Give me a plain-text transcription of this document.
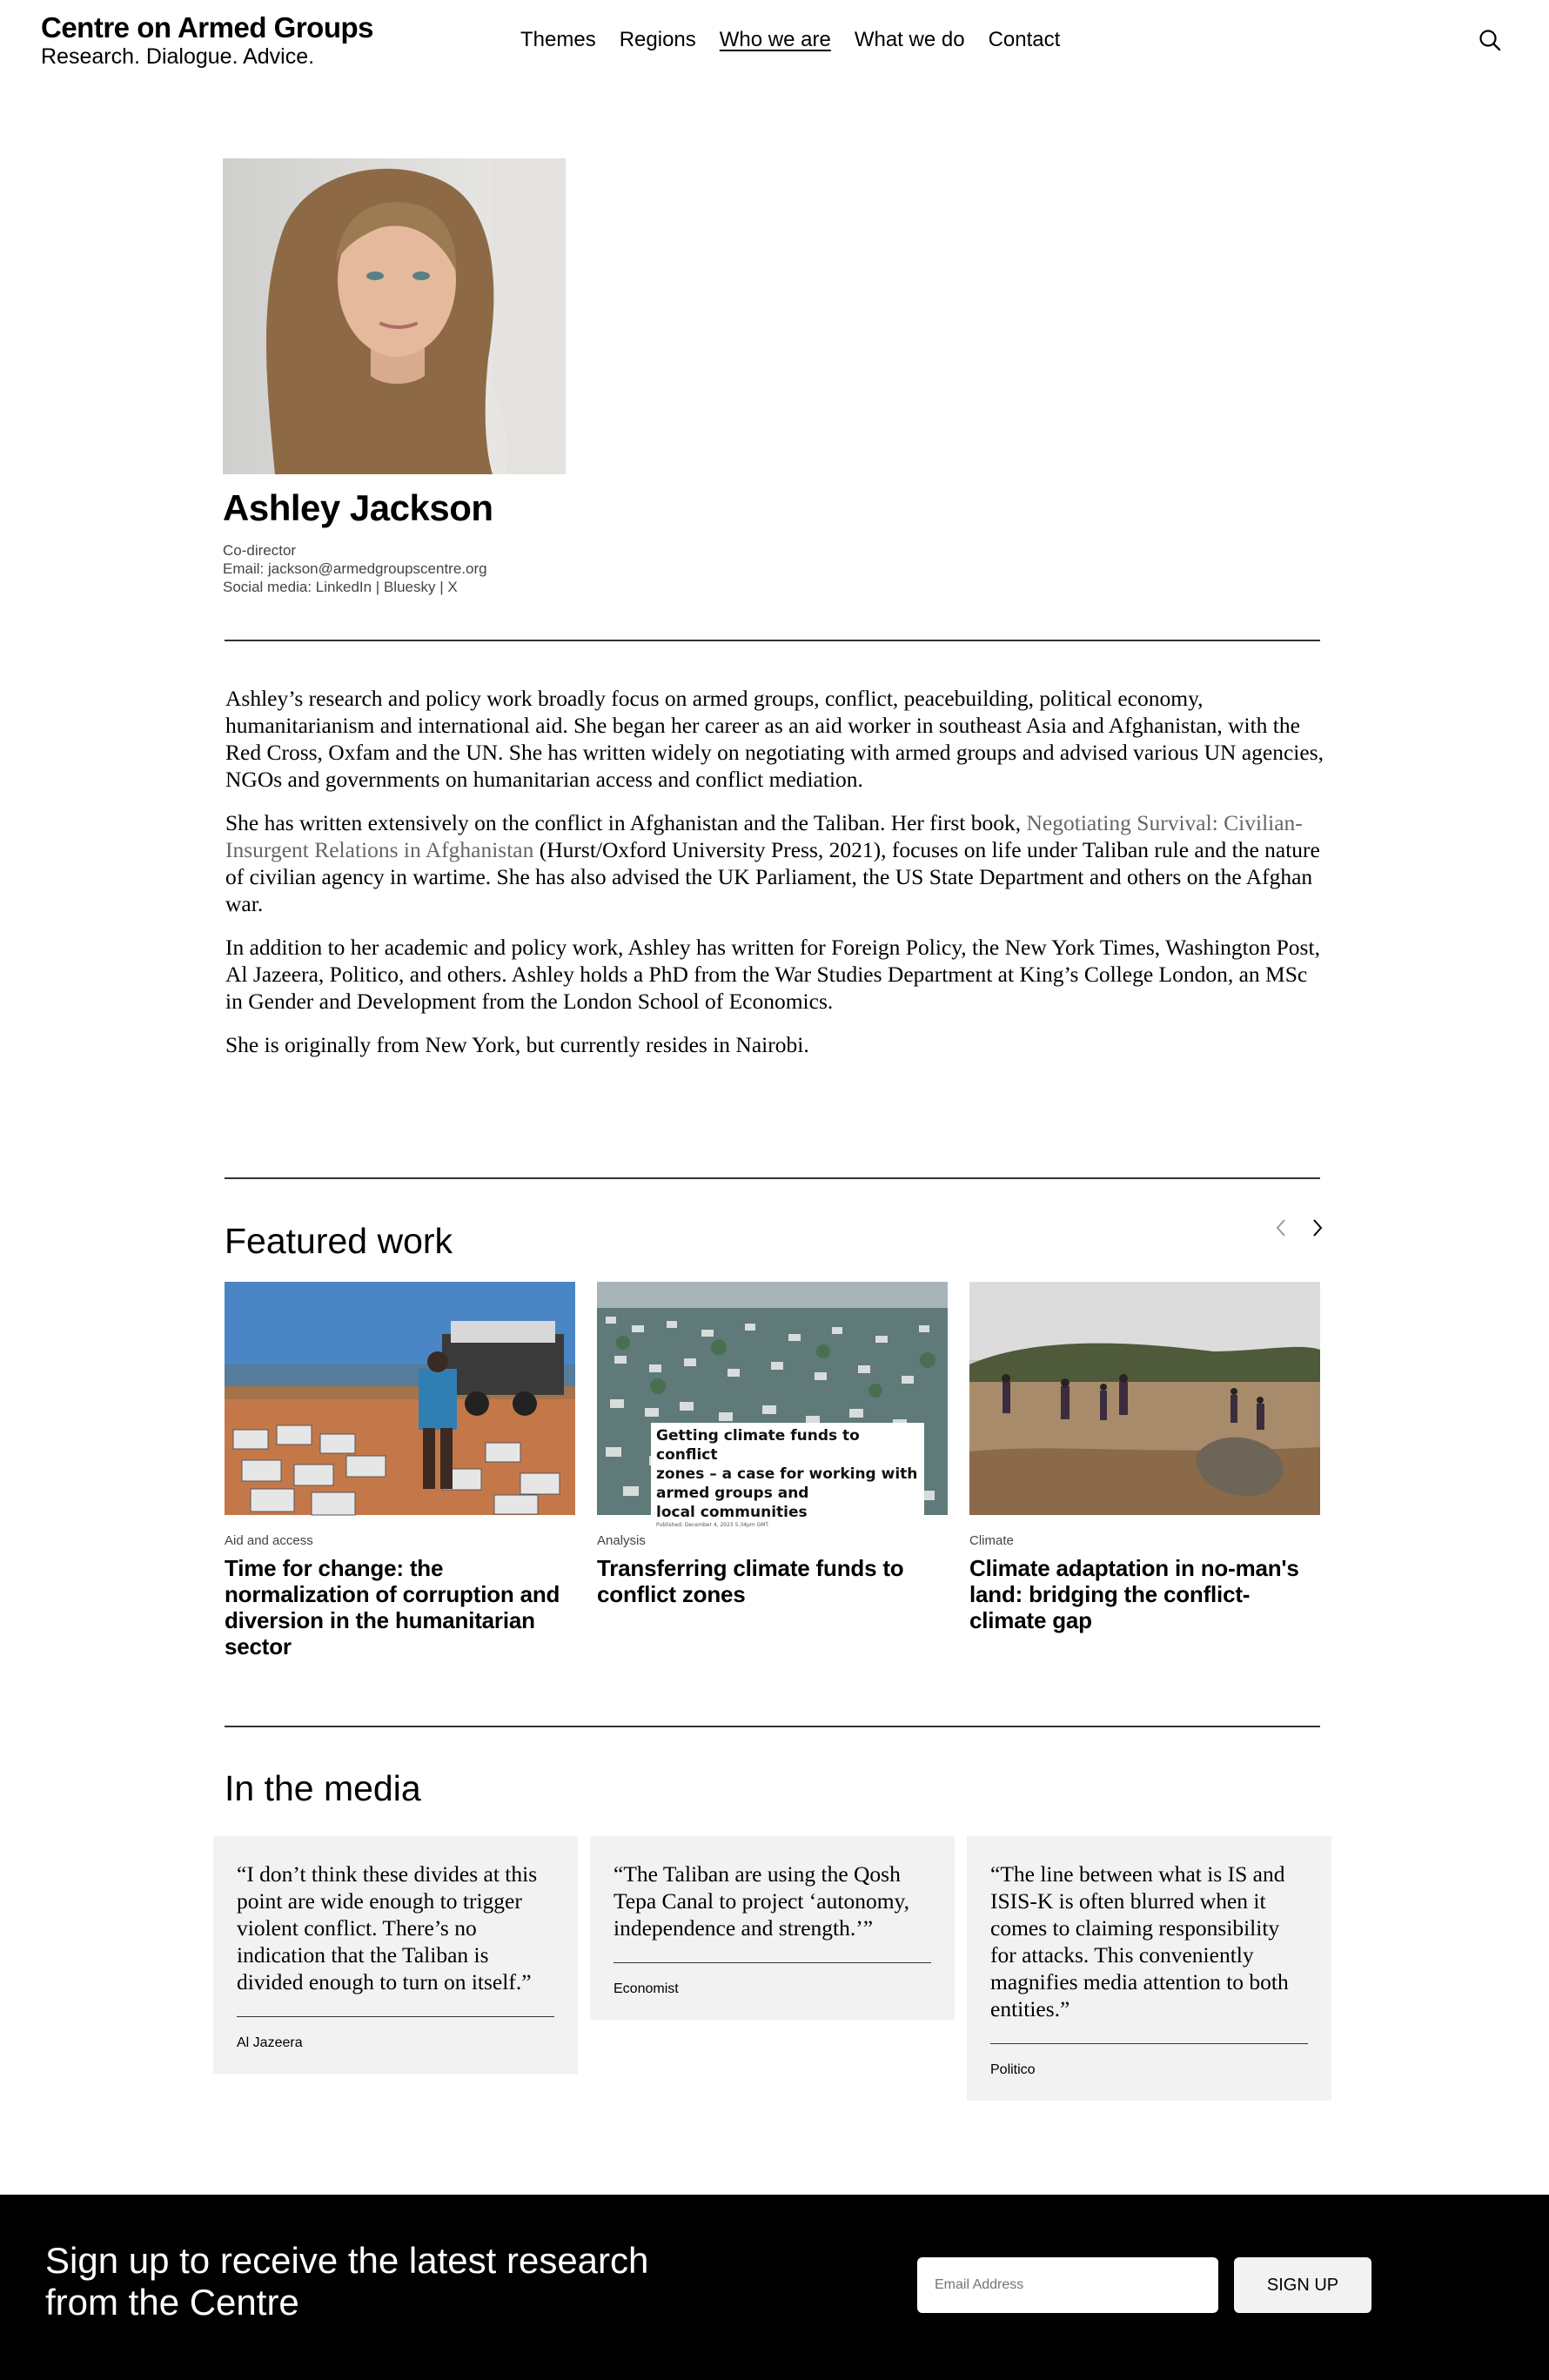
Centre on Armed Groups
Research. Dialogue. Advice.
Themes Regions Who we are What we do Contact
Ashley Jackson
Co-director
Email: jackson@armedgroupscentre.org
Social media: LinkedIn | Bluesky | X

Ashley’s research and policy work broadly focus on armed groups, conflict, peacebuilding, political economy, humanitarianism and international aid. She began her career as an aid worker in southeast Asia and Afghanistan, with the Red Cross, Oxfam and the UN. She has written widely on negotiating with armed groups and advised various UN agencies, NGOs and governments on humanitarian access and conflict mediation.

She has written extensively on the conflict in Afghanistan and the Taliban. Her first book, Negotiating Survival: Civilian-Insurgent Relations in Afghanistan (Hurst/Oxford University Press, 2021), focuses on life under Taliban rule and the nature of civilian agency in wartime. She has also advised the UK Parliament, the US State Department and others on the Afghan war.

In addition to her academic and policy work, Ashley has written for Foreign Policy, the New York Times, Washington Post, Al Jazeera, Politico, and others. Ashley holds a PhD from the War Studies Department at King’s College London, an MSc in Gender and Development from the London School of Economics.

She is originally from New York, but currently resides in Nairobi.

Featured work
Aid and access
Time for change: the normalization of corruption and diversion in the humanitarian sector
Getting climate funds to conflict
zones – a case for working with
armed groups and
local communities
Published: December 4, 2023 5.34pm GMT
Analysis
Transferring climate funds to conflict zones
Climate
Climate adaptation in no-man's land: bridging the conflict-climate gap
In the media

“I don’t think these divides at this point are wide enough to trigger violent conflict. There’s no indication that the Taliban is divided enough to turn on itself.”

Al Jazeera

“The Taliban are using the Qosh Tepa Canal to project ‘autonomy, independence and strength.’”

Economist

“The line between what is IS and ISIS-K is often blurred when it comes to claiming responsibility for attacks. This conveniently magnifies media attention to both entities.”

Politico
Sign up to receive the latest research from the Centre
Email Address	SIGN UP
